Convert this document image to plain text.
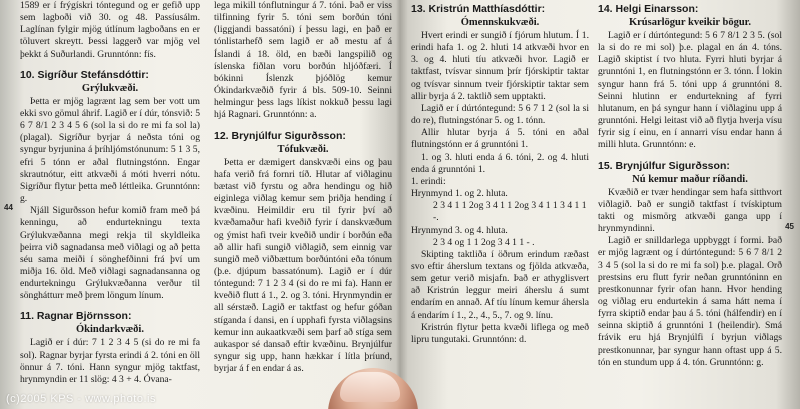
44

1589 er í frýgískri tóntegund og er gefið upp sem lagboði við 30. og 48. Passíusálm. Laglínan fylgir mjög útlínum lagboðans en er töluvert skreytt. Þessi laggerð var mjög vel þekkt á Suðurlandi. Grunntónn: fís.

10. Sigríður Stefánsdóttir:
Grýlukvæði.

Þetta er mjög lagrænt lag sem ber vott um ekki svo gömul áhrif. Lagið er í dúr, tónsvið: 5 6 7 8/1 2 3 4 5 6 (sol la si do re mi fa sol la) (plagal). Sigríður byrjar á neðsta tóni og syngur byrjunina á þríhljómstónunum: 5 1 3 5, efri 5 tónn er aðal flutningstónn. Engar skrautnótur, eitt atkvæði á móti hverri nótu. Sigríður flytur þetta með léttleika. Grunntónn: g.

Njáll Sigurðsson hefur komið fram með þá kenningu, að endurtekningu texta Grýlukvæðanna megi rekja til skyldleika þeirra við sagnadansa með viðlagi og að þetta séu sama meiði í sönghefðinni frá því um miðja 16. öld. Með viðlagi sagnadansanna og endurtekningu Grýlukvæðanna verður til sönghátturr með þrem löngum línum.

11. Ragnar Björnsson:
Ókindarkvæði.

Lagið er í dúr: 7 1 2 3 4 5 (si do re mi fa sol). Ragnar byrjar fyrsta erindi á 2. tóni en öll önnur á 7. tóni. Hann syngur mjög taktfast, hrynmyndin er 11 slög: 4 3 + 4. Óvana-

lega mikill tónflutningur á 7. tóni. Það er viss tilfinning fyrir 5. tóni sem borðún tóni (liggjandi bassatóni) í þessu lagi, en það er tónlistarhefð sem lagið er að mestu af á Íslandi á 18. öld, en bæði langspilið og íslenska fiðlan voru borðún hljóðfæri. Í bókinni Íslenzk þjóðlög kemur Ókindarkvæðið fyrir á bls. 509-10. Seinni helmingur þess lags líkist nokkuð þessu lagi hjá Ragnari. Grunntónn: a.

12. Brynjúlfur Sigurðsson:
Tófukvæði.

Þetta er dæmigert danskvæði eins og þau hafa verið frá fornri tíð. Hlutar af viðlaginu bætast við fyrstu og aðra hendingu og hið eiginlega viðlag kemur sem þriðja hending í kvæðinu. Heimildir eru til fyrir því að kvæðamaður hafi kveðið fyrir í danskvæðum og ýmist hafi tveir kveðið undir í borðún eða að allir hafi sungið viðlagið, sem einnig var sungið með viðbættum borðúntóni eða tónum (þ.e. djúpum bassatónum). Lagið er í dúr tóntegund: 7 1 2 3 4 (si do re mi fa). Hann er kveðið flutt á 1., 2. og 3. tóni. Hrynmyndin er all sérstæð. Lagið er taktfast og hefur góðan stíganda í dansi, en í upphafi fyrsta viðlagsins kemur inn aukaatkvæði sem þarf að stíga sem aukaspor sé dansað eftir kvæðinu. Brynjúlfur syngur sig upp, hann hækkar í lítla þríund, byrjar á f en endar á as.

45
13. Kristrún Matthíasdóttir:
Ómennskukvæði.

Hvert erindi er sungið í fjórum hlutum. Í 1. erindi hafa 1. og 2. hluti 14 atkvæði hvor en 3. og 4. hluti tíu atkvæði hvor. Lagið er taktfast, tvísvar sinnum þrír fjórskiptir taktar og tvísvar sinnum tveir fjórskiptir taktar sem allir byrja á 2. taktlið sem upptakti.

Lagið er í dúrtóntegund: 5 6 7 1 2 (sol la si do re), flutningstónar 5. og 1. tónn.

Allir hlutar byrja á 5. tóni en aðal flutningstónn er á grunntóni 1.

1. og 3. hluti enda á 6. tóni, 2. og 4. hluti enda á grunntóni 1.

1. erindi:
Hrynmynd 1. og 2. hluta.
2 3 4 1 1 2og 3 4 1 1 2og 3 4 1 1 3 4 1 1 -.
Hrynmynd 3. og 4. hluta.
2 3 4 og 1 1 2og 3 4 1 1 - .

Skipting taktliða í öðrum erindum ræðast svo eftir áherslum textans og fjölda atkvæða, sem getur verið misjafn. Það er athyglisvert að Kristrún leggur meiri áherslu á sumt endarím en annað. Af tíu línum kemur áhersla á endarím í 1., 2., 4., 5., 7. og 9. línu.

Kristrún flytur þetta kvæði liflega og með lipru tungutaki. Grunntónn: d.

14. Helgi Einarsson:
Krúsarlögur kveikir bögur.

Lagið er í dúrtóntegund: 5 6 7 8/1 2 3 5. (sol la si do re mi sol) þ.e. plagal en án 4. tóns. Lagið skiptist í tvo hluta. Fyrri hluti byrjar á grunntóni 1, en flutningstónn er 3. tónn. Í lokin syngur hann frá 5. tóni upp á grunntóni 8. Seinni hlutinn er endurtekning af fyrri hlutanum, en þá syngur hann í viðlaginu upp á grunntóni. Helgi leitast við að flytja hverja vísu fyrir sig í einu, en í annarri vísu endar hann á milli hluta. Grunntónn: e.

15. Brynjúlfur Sigurðsson:
Nú kemur maður ríðandi.

Kvæðið er tvær hendingar sem hafa sitthvort viðlagið. Það er sungið taktfast í tvískiptum takti og mismörg atkvæði ganga upp í hrynmyndinni.

Lagið er snilldarlega uppbyggt í formi. Það er mjög lagrænt og í dúrtóntegund: 5 6 7 8/1 2 3 4 5 (sol la si do re mi fa sol) þ.e. plagal. Orð prestsins eru flutt fyrir neðan grunntóninn en prestkonunnar fyrir ofan hann. Hvor hending og viðlag eru endurtekin á sama hátt nema í fyrra skiptið endar þau á 5. tóni (hálfendir) en í seinna skiptið á grunntóni 1 (heilendir). Smá frávik eru hjá Brynjúlfi í byrjun viðlags prestkonunnar, þar syngur hann oftast upp á 5. tón en stundum upp á 4. tón. Grunntónn: g.

(c)2005 KPS - www.photo.is
